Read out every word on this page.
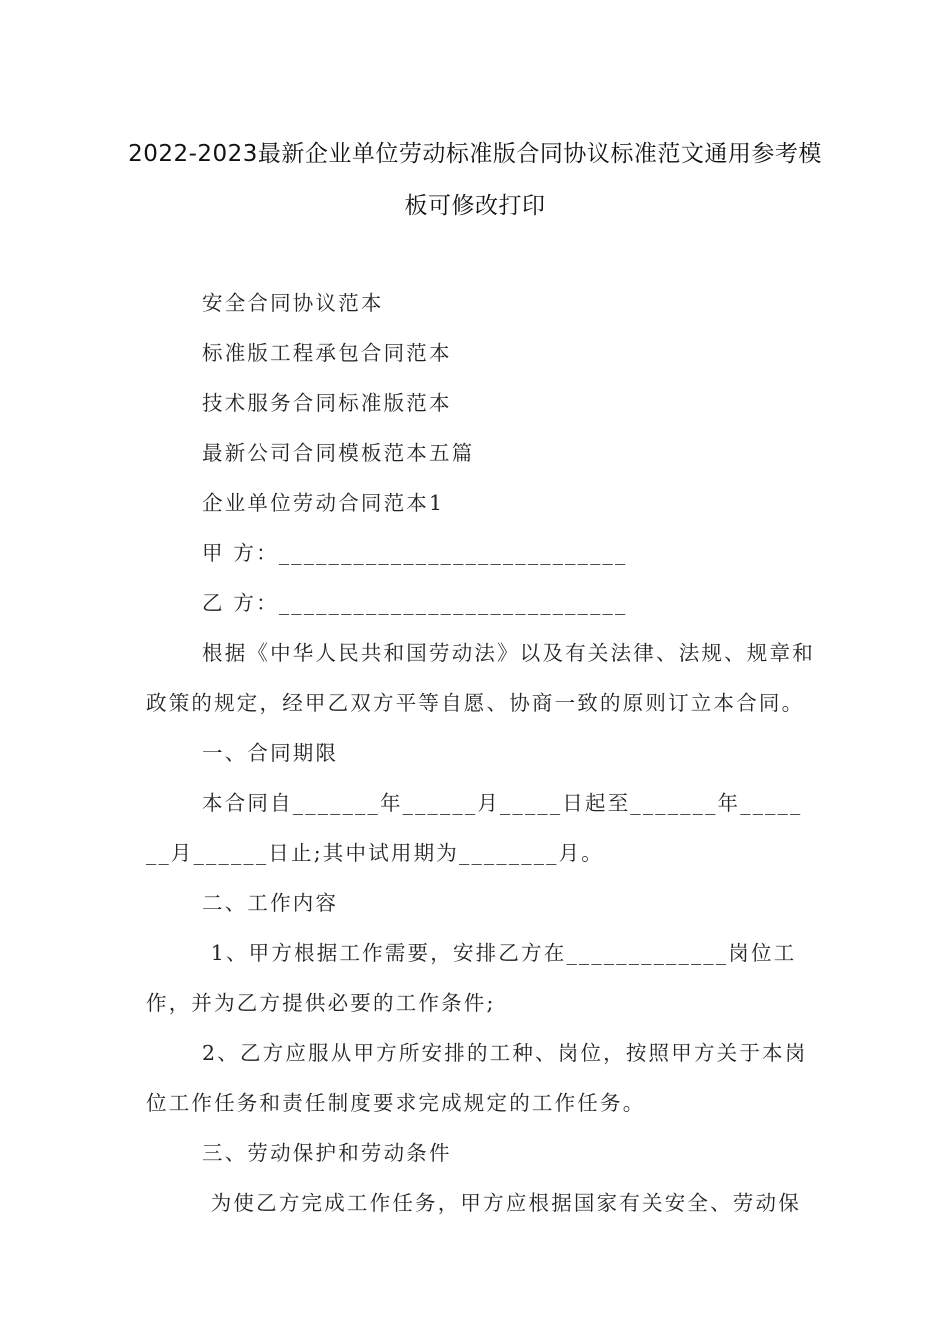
2022-2023最新企业单位劳动标准版合同协议标准范文通用参考模
板可修改打印
安全合同协议范本
标准版工程承包合同范本
技术服务合同标准版范本
最新公司合同模板范本五篇
企业单位劳动合同范本1
甲 方：____________________________
乙 方：____________________________
根据《中华人民共和国劳动法》以及有关法律、法规、规章和
政策的规定，经甲乙双方平等自愿、协商一致的原则订立本合同。
一、合同期限
本合同自_______年______月_____日起至_______年_____
__月______日止;其中试用期为________月。
二、工作内容
1、甲方根据工作需要，安排乙方在_____________岗位工
作，并为乙方提供必要的工作条件;
2、乙方应服从甲方所安排的工种、岗位，按照甲方关于本岗
位工作任务和责任制度要求完成规定的工作任务。
三、劳动保护和劳动条件
为使乙方完成工作任务，甲方应根据国家有关安全、劳动保
